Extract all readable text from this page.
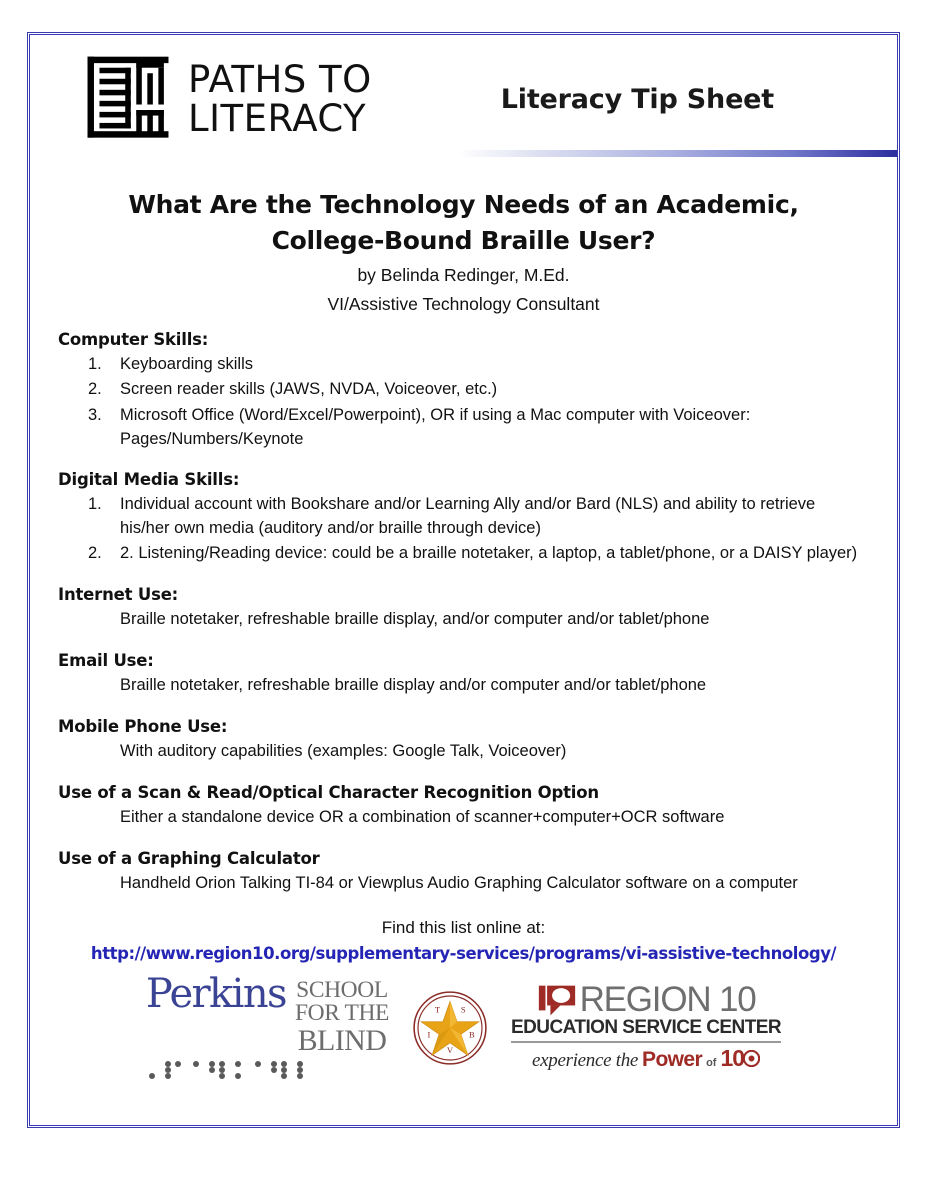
PATHS TO
LITERACY	Literacy Tip Sheet
What Are the Technology Needs of an Academic,
College-Bound Braille User?
by Belinda Redinger, M.Ed.
VI/Assistive Technology Consultant
Computer Skills:
1.	Keyboarding skills
2.	Screen reader skills (JAWS, NVDA, Voiceover, etc.)
3.	Microsoft Office (Word/Excel/Powerpoint), OR if using a Mac computer with Voiceover: Pages/Numbers/Keynote
Digital Media Skills:
1.	Individual account with Bookshare and/or Learning Ally and/or Bard (NLS) and ability to retrieve his/her own media (auditory and/or braille through device)
2.	2. Listening/Reading device: could be a braille notetaker, a laptop, a tablet/phone, or a DAISY player)
Internet Use:
Braille notetaker, refreshable braille display, and/or computer and/or tablet/phone
Email Use:
Braille notetaker, refreshable braille display and/or computer and/or tablet/phone
Mobile Phone Use:
With auditory capabilities (examples: Google Talk, Voiceover)
Use of a Scan & Read/Optical Character Recognition Option
Either a standalone device OR a combination of scanner+computer+OCR software
Use of a Graphing Calculator
Handheld Orion Talking TI-84 or Viewplus Audio Graphing Calculator software on a computer
Find this list online at:
http://www.region10.org/supplementary-services/programs/vi-assistive-technology/
Perkins SCHOOL
FOR THE
BLIND
T S
B
V
I
REGION 10
EDUCATION SERVICE CENTER
experience the Power of 10
